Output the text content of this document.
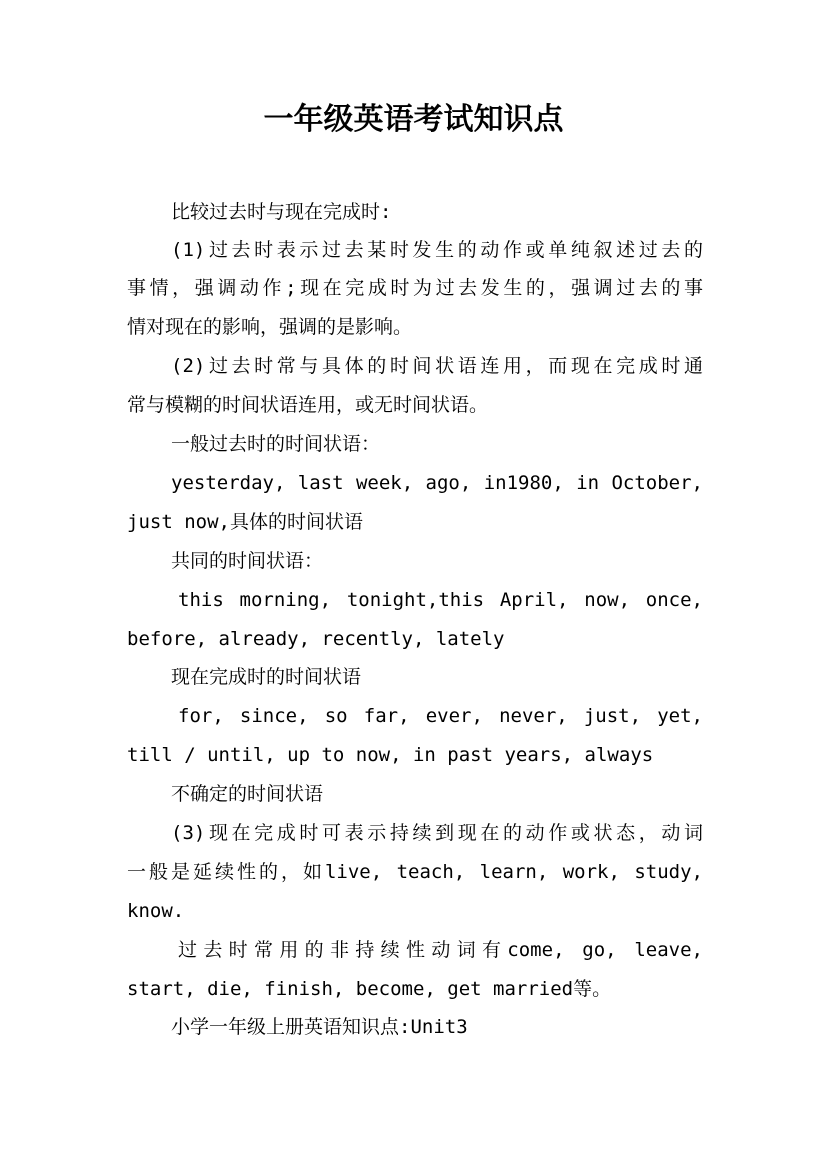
一年级英语考试知识点
比较过去时与现在完成时:
(1)过去时表示过去某时发生的动作或单纯叙述过去的
事情，强调动作;现在完成时为过去发生的，强调过去的事
情对现在的影响，强调的是影响。
(2)过去时常与具体的时间状语连用，而现在完成时通
常与模糊的时间状语连用，或无时间状语。
一般过去时的时间状语：
yesterday, last week, ago, in1980, in October,
just now,具体的时间状语
共同的时间状语：
this morning, tonight,this April, now, once,
before, already, recently, lately
现在完成时的时间状语
for, since, so far, ever, never, just, yet,
till / until, up to now, in past years, always
不确定的时间状语
(3)现在完成时可表示持续到现在的动作或状态，动词
一般是延续性的，如live, teach, learn, work, study,
know.
过去时常用的非持续性动词有come, go, leave,
start, die, finish, become, get married等。
小学一年级上册英语知识点:Unit3
